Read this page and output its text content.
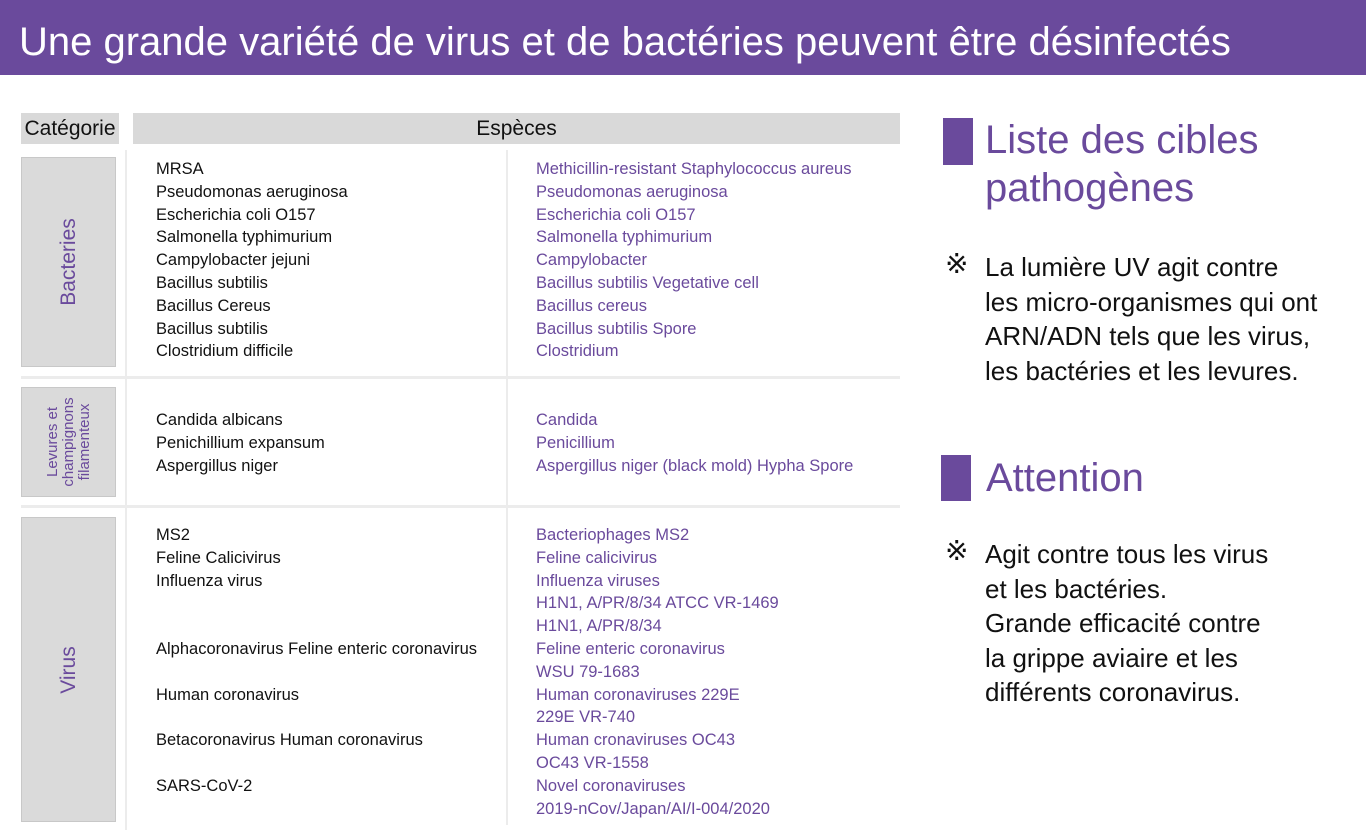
Une grande variété de virus et de bactéries peuvent être désinfectés
Catégorie	Espèces
Bacteries
Levures et champignons filamenteux
Virus
MRSA
Pseudomonas aeruginosa
Escherichia coli O157
Salmonella typhimurium
Campylobacter jejuni
Bacillus subtilis
Bacillus Cereus
Bacillus subtilis
Clostridium difficile
Methicillin-resistant Staphylococcus aureus
Pseudomonas aeruginosa
Escherichia coli O157
Salmonella typhimurium
Campylobacter
Bacillus subtilis Vegetative cell
Bacillus cereus
Bacillus subtilis Spore
Clostridium
Candida albicans
Penichillium expansum
Aspergillus niger
Candida
Penicillium
Aspergillus niger (black mold) Hypha Spore
MS2
Feline Calicivirus
Influenza virus
Alphacoronavirus Feline enteric coronavirus
Human coronavirus
Betacoronavirus Human coronavirus
SARS-CoV-2
Bacteriophages MS2
Feline calicivirus
Influenza viruses
H1N1, A/PR/8/34 ATCC VR-1469
H1N1, A/PR/8/34
Feline enteric coronavirus
WSU 79-1683
Human coronaviruses 229E
229E VR-740
Human cronaviruses OC43
OC43 VR-1558
Novel coronaviruses
2019-nCov/Japan/AI/I-004/2020
Liste des cibles
pathogènes
※ La lumière UV agit contre
les micro-organismes qui ont
ARN/ADN tels que les virus,
les bactéries et les levures.
Attention
※ Agit contre tous les virus
et les bactéries.
Grande efficacité contre
la grippe aviaire et les
différents coronavirus.
